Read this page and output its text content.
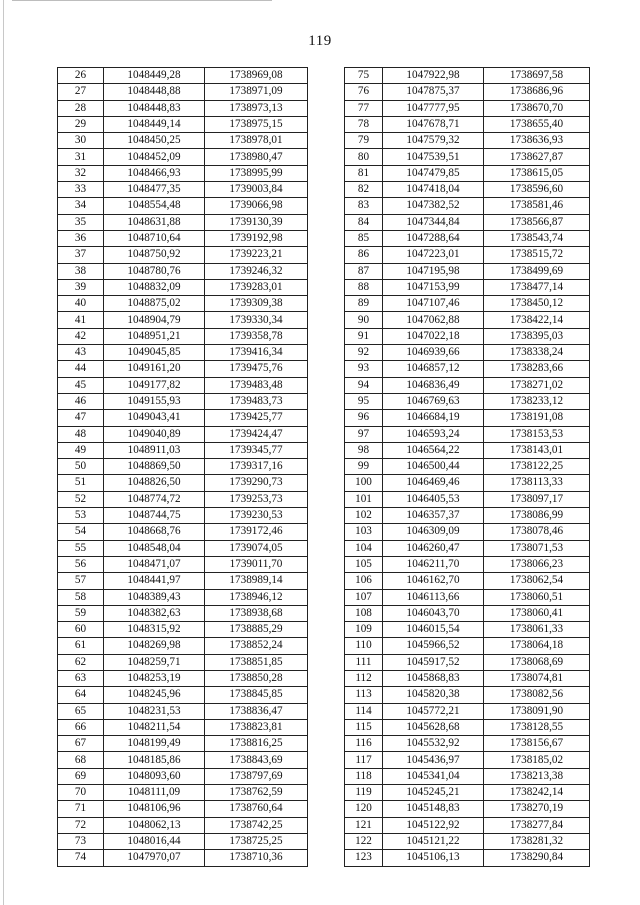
119
26	1048449,28	1738969,08
27	1048448,88	1738971,09
28	1048448,83	1738973,13
29	1048449,14	1738975,15
30	1048450,25	1738978,01
31	1048452,09	1738980,47
32	1048466,93	1738995,99
33	1048477,35	1739003,84
34	1048554,48	1739066,98
35	1048631,88	1739130,39
36	1048710,64	1739192,98
37	1048750,92	1739223,21
38	1048780,76	1739246,32
39	1048832,09	1739283,01
40	1048875,02	1739309,38
41	1048904,79	1739330,34
42	1048951,21	1739358,78
43	1049045,85	1739416,34
44	1049161,20	1739475,76
45	1049177,82	1739483,48
46	1049155,93	1739483,73
47	1049043,41	1739425,77
48	1049040,89	1739424,47
49	1048911,03	1739345,77
50	1048869,50	1739317,16
51	1048826,50	1739290,73
52	1048774,72	1739253,73
53	1048744,75	1739230,53
54	1048668,76	1739172,46
55	1048548,04	1739074,05
56	1048471,07	1739011,70
57	1048441,97	1738989,14
58	1048389,43	1738946,12
59	1048382,63	1738938,68
60	1048315,92	1738885,29
61	1048269,98	1738852,24
62	1048259,71	1738851,85
63	1048253,19	1738850,28
64	1048245,96	1738845,85
65	1048231,53	1738836,47
66	1048211,54	1738823,81
67	1048199,49	1738816,25
68	1048185,86	1738843,69
69	1048093,60	1738797,69
70	1048111,09	1738762,59
71	1048106,96	1738760,64
72	1048062,13	1738742,25
73	1048016,44	1738725,25
74	1047970,07	1738710,36
75	1047922,98	1738697,58
76	1047875,37	1738686,96
77	1047777,95	1738670,70
78	1047678,71	1738655,40
79	1047579,32	1738636,93
80	1047539,51	1738627,87
81	1047479,85	1738615,05
82	1047418,04	1738596,60
83	1047382,52	1738581,46
84	1047344,84	1738566,87
85	1047288,64	1738543,74
86	1047223,01	1738515,72
87	1047195,98	1738499,69
88	1047153,99	1738477,14
89	1047107,46	1738450,12
90	1047062,88	1738422,14
91	1047022,18	1738395,03
92	1046939,66	1738338,24
93	1046857,12	1738283,66
94	1046836,49	1738271,02
95	1046769,63	1738233,12
96	1046684,19	1738191,08
97	1046593,24	1738153,53
98	1046564,22	1738143,01
99	1046500,44	1738122,25
100	1046469,46	1738113,33
101	1046405,53	1738097,17
102	1046357,37	1738086,99
103	1046309,09	1738078,46
104	1046260,47	1738071,53
105	1046211,70	1738066,23
106	1046162,70	1738062,54
107	1046113,66	1738060,51
108	1046043,70	1738060,41
109	1046015,54	1738061,33
110	1045966,52	1738064,18
111	1045917,52	1738068,69
112	1045868,83	1738074,81
113	1045820,38	1738082,56
114	1045772,21	1738091,90
115	1045628,68	1738128,55
116	1045532,92	1738156,67
117	1045436,97	1738185,02
118	1045341,04	1738213,38
119	1045245,21	1738242,14
120	1045148,83	1738270,19
121	1045122,92	1738277,84
122	1045121,22	1738281,32
123	1045106,13	1738290,84
